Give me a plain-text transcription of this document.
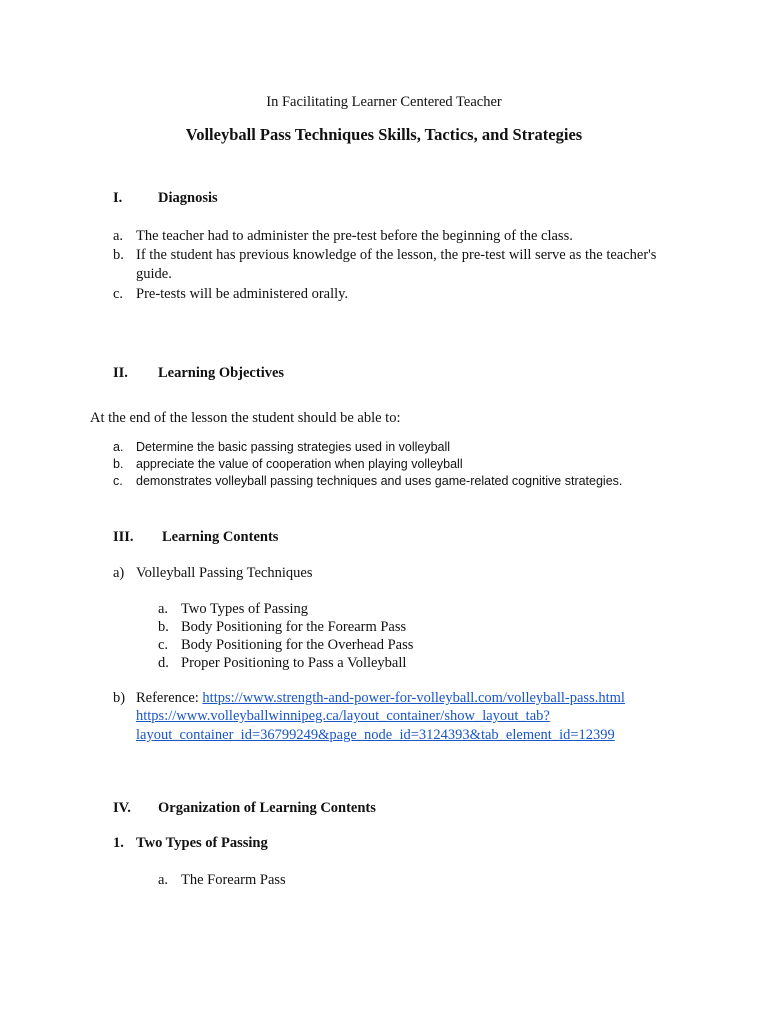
In Facilitating Learner Centered Teacher
Volleyball Pass Techniques Skills, Tactics, and Strategies
I. Diagnosis
a. The teacher had to administer the pre-test before the beginning of the class.
b. If the student has previous knowledge of the lesson, the pre-test will serve as the teacher's
guide.
c. Pre-tests will be administered orally.
II. Learning Objectives
At the end of the lesson the student should be able to:
a. Determine the basic passing strategies used in volleyball
b. appreciate the value of cooperation when playing volleyball
c. demonstrates volleyball passing techniques and uses game-related cognitive strategies.
III. Learning Contents
a) Volleyball Passing Techniques
a. Two Types of Passing
b. Body Positioning for the Forearm Pass
c. Body Positioning for the Overhead Pass
d. Proper Positioning to Pass a Volleyball
b) Reference: https://www.strength-and-power-for-volleyball.com/volleyball-pass.html
https://www.volleyballwinnipeg.ca/layout_container/show_layout_tab?
layout_container_id=36799249&page_node_id=3124393&tab_element_id=12399
IV. Organization of Learning Contents
1. Two Types of Passing
a. The Forearm Pass
